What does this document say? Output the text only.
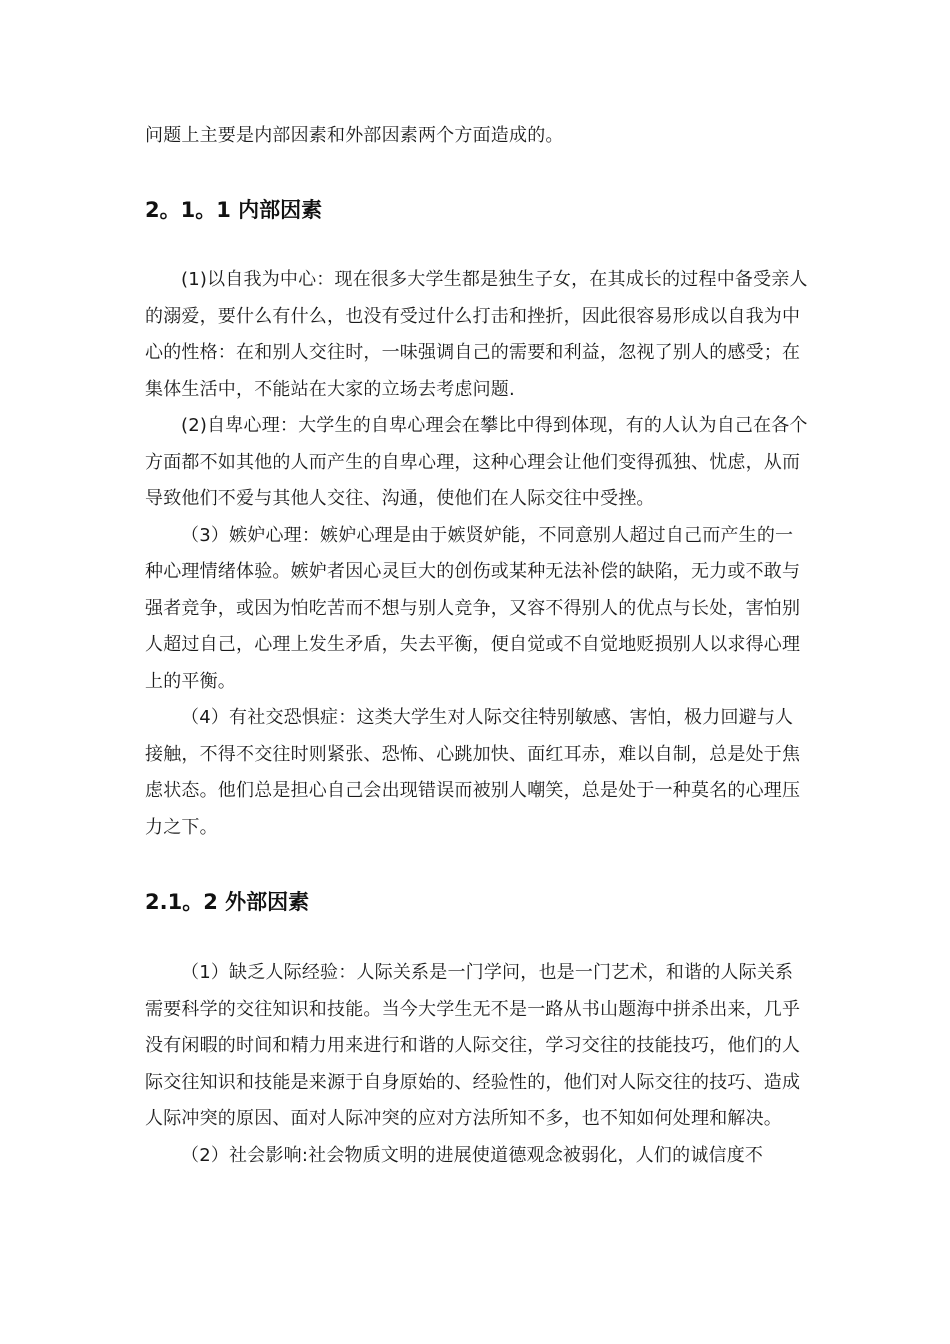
问题上主要是内部因素和外部因素两个方面造成的。

2。1。1 内部因素

(1)以自我为中心：现在很多大学生都是独生子女，在其成长的过程中备受亲人的溺爱，要什么有什么，也没有受过什么打击和挫折，因此很容易形成以自我为中心的性格：在和别人交往时，一味强调自己的需要和利益，忽视了别人的感受；在集体生活中，不能站在大家的立场去考虑问题.

(2)自卑心理：大学生的自卑心理会在攀比中得到体现，有的人认为自己在各个方面都不如其他的人而产生的自卑心理，这种心理会让他们变得孤独、忧虑，从而导致他们不爱与其他人交往、沟通，使他们在人际交往中受挫。

（3）嫉妒心理：嫉妒心理是由于嫉贤妒能，不同意别人超过自己而产生的一种心理情绪体验。嫉妒者因心灵巨大的创伤或某种无法补偿的缺陷，无力或不敢与强者竞争，或因为怕吃苦而不想与别人竞争，又容不得别人的优点与长处，害怕别人超过自己，心理上发生矛盾，失去平衡，便自觉或不自觉地贬损别人以求得心理上的平衡。

（4）有社交恐惧症：这类大学生对人际交往特别敏感、害怕，极力回避与人接触，不得不交往时则紧张、恐怖、心跳加快、面红耳赤，难以自制，总是处于焦虑状态。他们总是担心自己会出现错误而被别人嘲笑，总是处于一种莫名的心理压力之下。

2.1。2 外部因素

（1）缺乏人际经验：人际关系是一门学问，也是一门艺术，和谐的人际关系需要科学的交往知识和技能。当今大学生无不是一路从书山题海中拼杀出来，几乎没有闲暇的时间和精力用来进行和谐的人际交往，学习交往的技能技巧，他们的人际交往知识和技能是来源于自身原始的、经验性的，他们对人际交往的技巧、造成人际冲突的原因、面对人际冲突的应对方法所知不多，也不知如何处理和解决。

（2）社会影响:社会物质文明的进展使道德观念被弱化，人们的诚信度不
